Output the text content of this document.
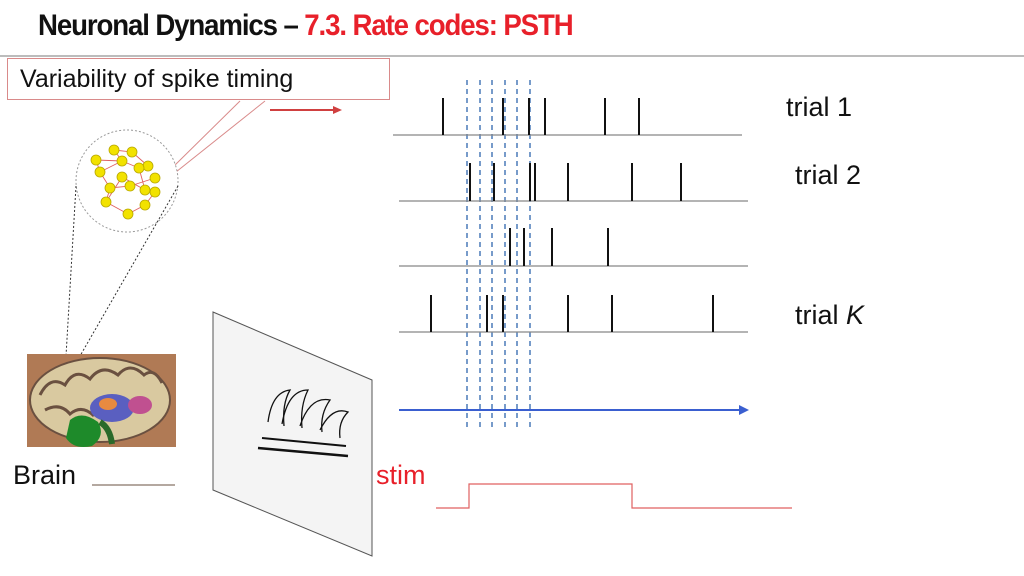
Neuronal Dynamics – 7.3. Rate codes: PSTH
Variability of spike timing
trial 1
trial 2
trial K
Brain	stim
